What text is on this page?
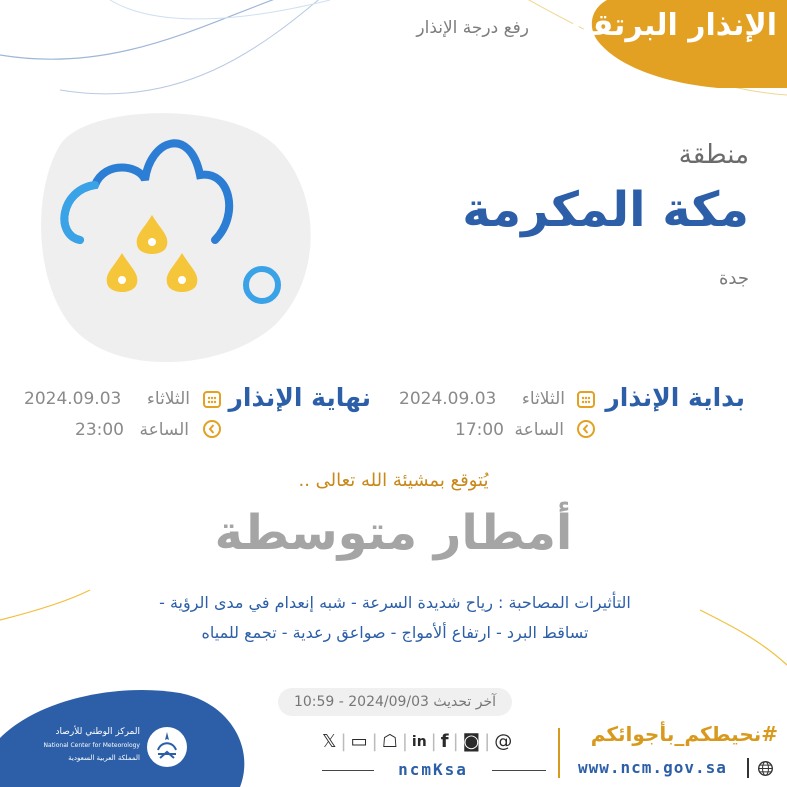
الإنذار البرتقالي
رفع درجة الإنذار
منطقة
مكة المكرمة
جدة
بداية الإنذار
الثلاثاء
2024.09.03
الساعة
17:00
نهاية الإنذار
الثلاثاء
2024.09.03
الساعة
23:00
يُتوقع بمشيئة الله تعالى ..
أمطار متوسطة
التأثيرات المصاحبة : رياح شديدة السرعة - شبه إنعدام في مدى الرؤية -
تساقط البرد - ارتفاع ألأمواج - صواعق رعدية - تجمع للمياه
آخر تحديث 2024/09/03 - 10:59
المركز الوطني للأرصاد
National Center for Meteorology
المملكة العربية السعودية
𝕏 | ▭ | ☖ | in | f | ◙ | @
ncmKsa
#نحيطكم_بأجوائكم
www.ncm.gov.sa
